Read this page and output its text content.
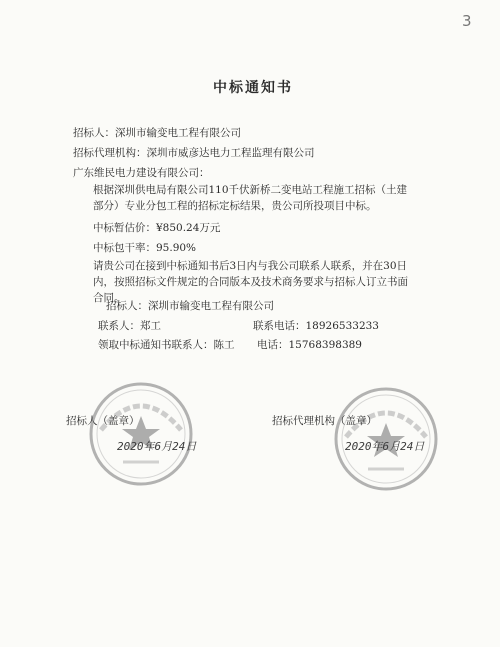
3
中标通知书
招标人：深圳市输变电工程有限公司
招标代理机构：深圳市威彦达电力工程监理有限公司
广东维民电力建设有限公司：
根据深圳供电局有限公司110千伏新桥二变电站工程施工招标（土建部分）专业分包工程的招标定标结果，贵公司所投项目中标。
中标暂估价：¥850.24万元
中标包干率：95.90%
请贵公司在接到中标通知书后3日内与我公司联系人联系，并在30日内，按照招标文件规定的合同版本及技术商务要求与招标人订立书面合同。
招标人：深圳市输变电工程有限公司
联系人：郑工	联系电话：18926533233
领取中标通知书联系人：陈工 电话：15768398389
招标人（盖章）
2020年6月24日
招标代理机构（盖章）
2020年6月24日
